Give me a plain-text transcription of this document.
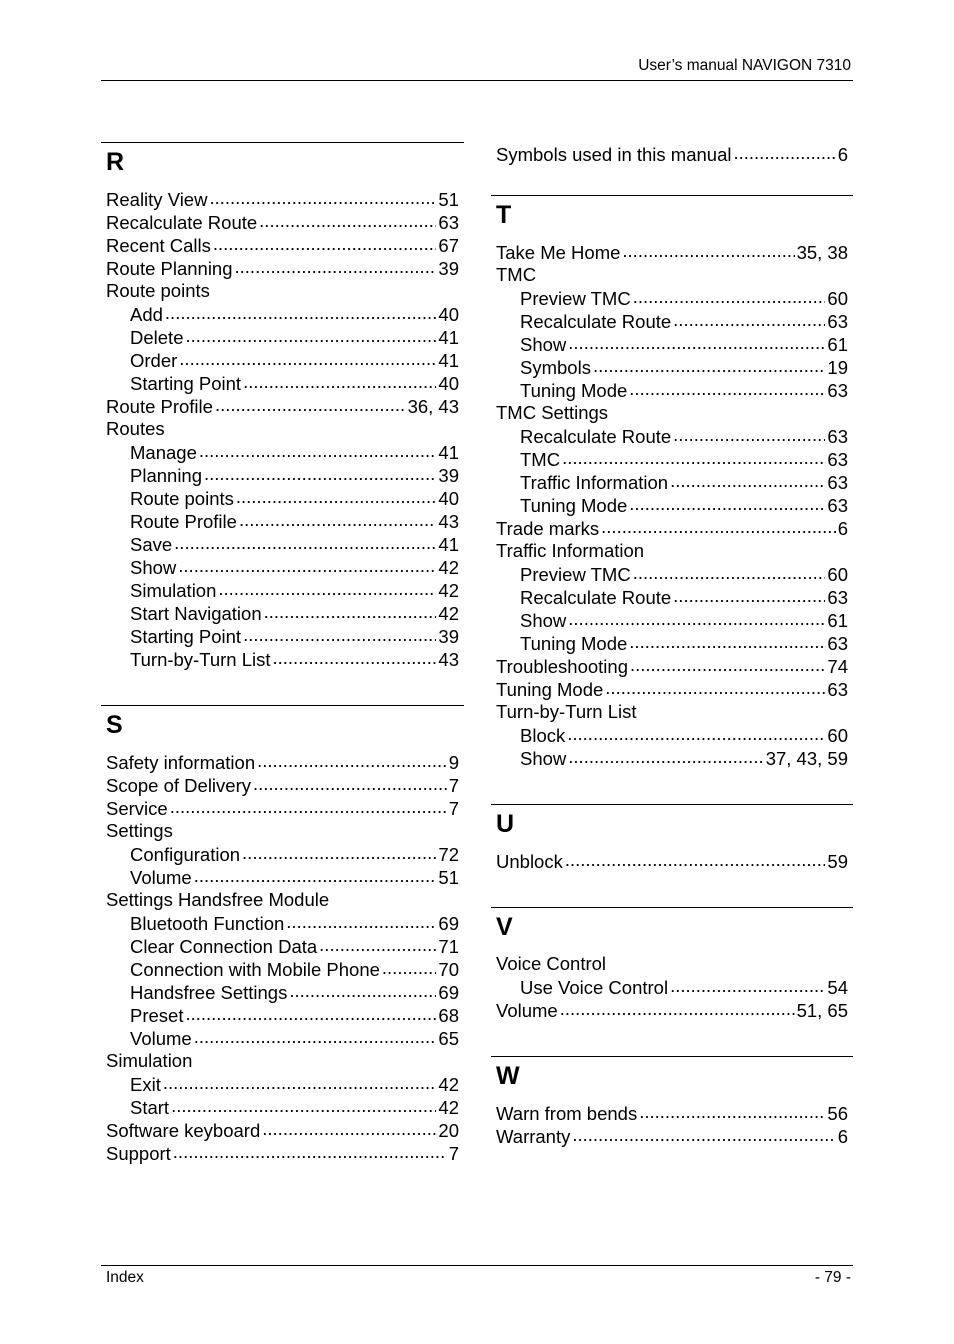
User’s manual NAVIGON 7310
R
Reality View .....	51
Recalculate Route .....	63
Recent Calls .....	67
Route Planning .....	39
Route points
Add .....	40
Delete .....	41
Order .....	41
Starting Point .....	40
Route Profile .....	36, 43
Routes
Manage .....	41
Planning .....	39
Route points .....	40
Route Profile .....	43
Save .....	41
Show .....	42
Simulation .....	42
Start Navigation .....	42
Starting Point .....	39
Turn-by-Turn List .....	43
S
Safety information .....	9
Scope of Delivery .....	7
Service .....	7
Settings
Configuration .....	72
Volume .....	51
Settings Handsfree Module
Bluetooth Function .....	69
Clear Connection Data .....	71
Connection with Mobile Phone .....	70
Handsfree Settings .....	69
Preset .....	68
Volume .....	65
Simulation
Exit .....	42
Start .....	42
Software keyboard .....	20
Support .....	7
Symbols used in this manual .....	6
T
Take Me Home .....	35, 38
TMC
Preview TMC .....	60
Recalculate Route .....	63
Show .....	61
Symbols .....	19
Tuning Mode .....	63
TMC Settings
Recalculate Route .....	63
TMC .....	63
Traffic Information .....	63
Tuning Mode .....	63
Trade marks .....	6
Traffic Information
Preview TMC .....	60
Recalculate Route .....	63
Show .....	61
Tuning Mode .....	63
Troubleshooting .....	74
Tuning Mode .....	63
Turn-by-Turn List
Block .....	60
Show .....	37, 43, 59
U
Unblock .....	59
V
Voice Control
Use Voice Control .....	54
Volume .....	51, 65
W
Warn from bends .....	56
Warranty .....	6
Index	- 79 -
